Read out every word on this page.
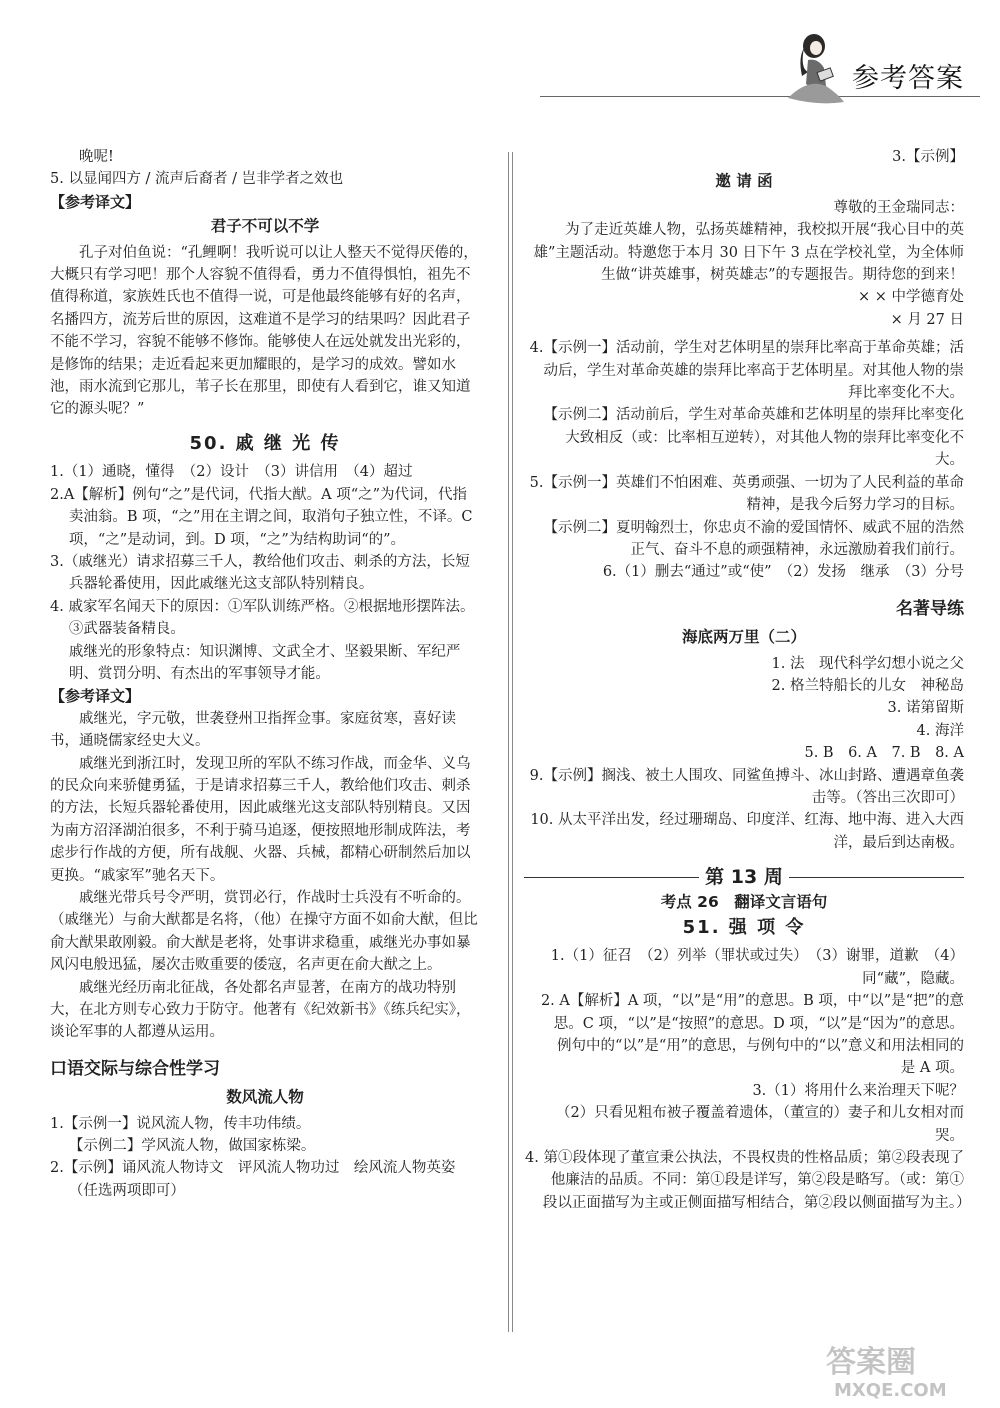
参考答案

晚呢!

5. 以显闻四方 / 流声后裔者 / 岂非学者之效也

【参考译文】

君子不可以不学

孔子对伯鱼说：“孔鲤啊！我听说可以让人整天不觉得厌倦的，大概只有学习吧！那个人容貌不值得看，勇力不值得惧怕，祖先不值得称道，家族姓氏也不值得一说，可是他最终能够有好的名声，名播四方，流芳后世的原因，这难道不是学习的结果吗？因此君子不能不学习，容貌不能够不修饰。能够使人在远处就发出光彩的，是修饰的结果；走近看起来更加耀眼的，是学习的成效。譬如水池，雨水流到它那儿，苇子长在那里，即使有人看到它，谁又知道它的源头呢？”

50. 戚 继 光 传

1.（1）通晓，懂得　（2）设计　（3）讲信用　（4）超过

2.A【解析】例句“之”是代词，代指大猷。A 项“之”为代词，代指卖油翁。B 项，“之”用在主谓之间，取消句子独立性，不译。C 项，“之”是动词，到。D 项，“之”为结构助词“的”。

3.（戚继光）请求招募三千人，教给他们攻击、刺杀的方法，长短兵器轮番使用，因此戚继光这支部队特别精良。

4. 戚家军名闻天下的原因：①军队训练严格。②根据地形摆阵法。③武器装备精良。

戚继光的形象特点：知识渊博、文武全才、坚毅果断、军纪严明、赏罚分明、有杰出的军事领导才能。

【参考译文】

戚继光，字元敬，世袭登州卫指挥佥事。家庭贫寒，喜好读书，通晓儒家经史大义。

戚继光到浙江时，发现卫所的军队不练习作战，而金华、义乌的民众向来骄健勇猛，于是请求招募三千人，教给他们攻击、刺杀的方法，长短兵器轮番使用，因此戚继光这支部队特别精良。又因为南方沼泽湖泊很多，不利于骑马追逐，便按照地形制成阵法，考虑步行作战的方便，所有战舰、火器、兵械，都精心研制然后加以更换。“戚家军”驰名天下。

戚继光带兵号令严明，赏罚必行，作战时士兵没有不听命的。（戚继光）与俞大猷都是名将，（他）在操守方面不如俞大猷，但比俞大猷果敢刚毅。俞大猷是老将，处事讲求稳重，戚继光办事如暴风闪电般迅猛，屡次击败重要的倭寇，名声更在俞大猷之上。

戚继光经历南北征战，各处都名声显著，在南方的战功特别大，在北方则专心致力于防守。他著有《纪效新书》《练兵纪实》，谈论军事的人都遵从运用。

口语交际与综合性学习

数风流人物

1.【示例一】说风流人物，传丰功伟绩。

【示例二】学风流人物，做国家栋梁。

2.【示例】诵风流人物诗文　评风流人物功过　绘风流人物英姿（任选两项即可）

3.【示例】

邀 请 函

尊敬的王金瑞同志：

为了走近英雄人物，弘扬英雄精神，我校拟开展“我心目中的英雄”主题活动。特邀您于本月 30 日下午 3 点在学校礼堂，为全体师生做“讲英雄事，树英雄志”的专题报告。期待您的到来！

× × 中学德育处

× 月 27 日

4.【示例一】活动前，学生对艺体明星的崇拜比率高于革命英雄；活动后，学生对革命英雄的崇拜比率高于艺体明星。对其他人物的崇拜比率变化不大。

【示例二】活动前后，学生对革命英雄和艺体明星的崇拜比率变化大致相反（或：比率相互逆转），对其他人物的崇拜比率变化不大。

5.【示例一】英雄们不怕困难、英勇顽强、一切为了人民利益的革命精神，是我今后努力学习的目标。

【示例二】夏明翰烈士，你忠贞不渝的爱国情怀、威武不屈的浩然正气、奋斗不息的顽强精神，永远激励着我们前行。

6.（1）删去“通过”或“使”　（2）发扬　继承　（3）分号

名著导练

海底两万里（二）

1. 法　现代科学幻想小说之父

2. 格兰特船长的儿女　神秘岛

3. 诺第留斯

4. 海洋

5. B　6. A　7. B　8. A

9.【示例】搁浅、被土人围攻、同鲨鱼搏斗、冰山封路、遭遇章鱼袭击等。（答出三次即可）

10. 从太平洋出发，经过珊瑚岛、印度洋、红海、地中海、进入大西洋，最后到达南极。

第 13 周

考点 26　翻译文言语句

51. 强 项 令

1.（1）征召　（2）列举（罪状或过失）　（3）谢罪，道歉　（4）同“藏”，隐藏。

2. A【解析】A 项，“以”是“用”的意思。B 项，中“以”是“把”的意思。C 项，“以”是“按照”的意思。D 项，“以”是“因为”的意思。例句中的“以”是“用”的意思，与例句中的“以”意义和用法相同的是 A 项。

3.（1）将用什么来治理天下呢？

（2）只看见粗布被子覆盖着遗体，（董宣的）妻子和儿女相对而哭。

4. 第①段体现了董宣秉公执法，不畏权贵的性格品质；第②段表现了他廉洁的品质。不同：第①段是详写，第②段是略写。（或：第①段以正面描写为主或正侧面描写相结合，第②段以侧面描写为主。）

答案圈
MXQE.COM
